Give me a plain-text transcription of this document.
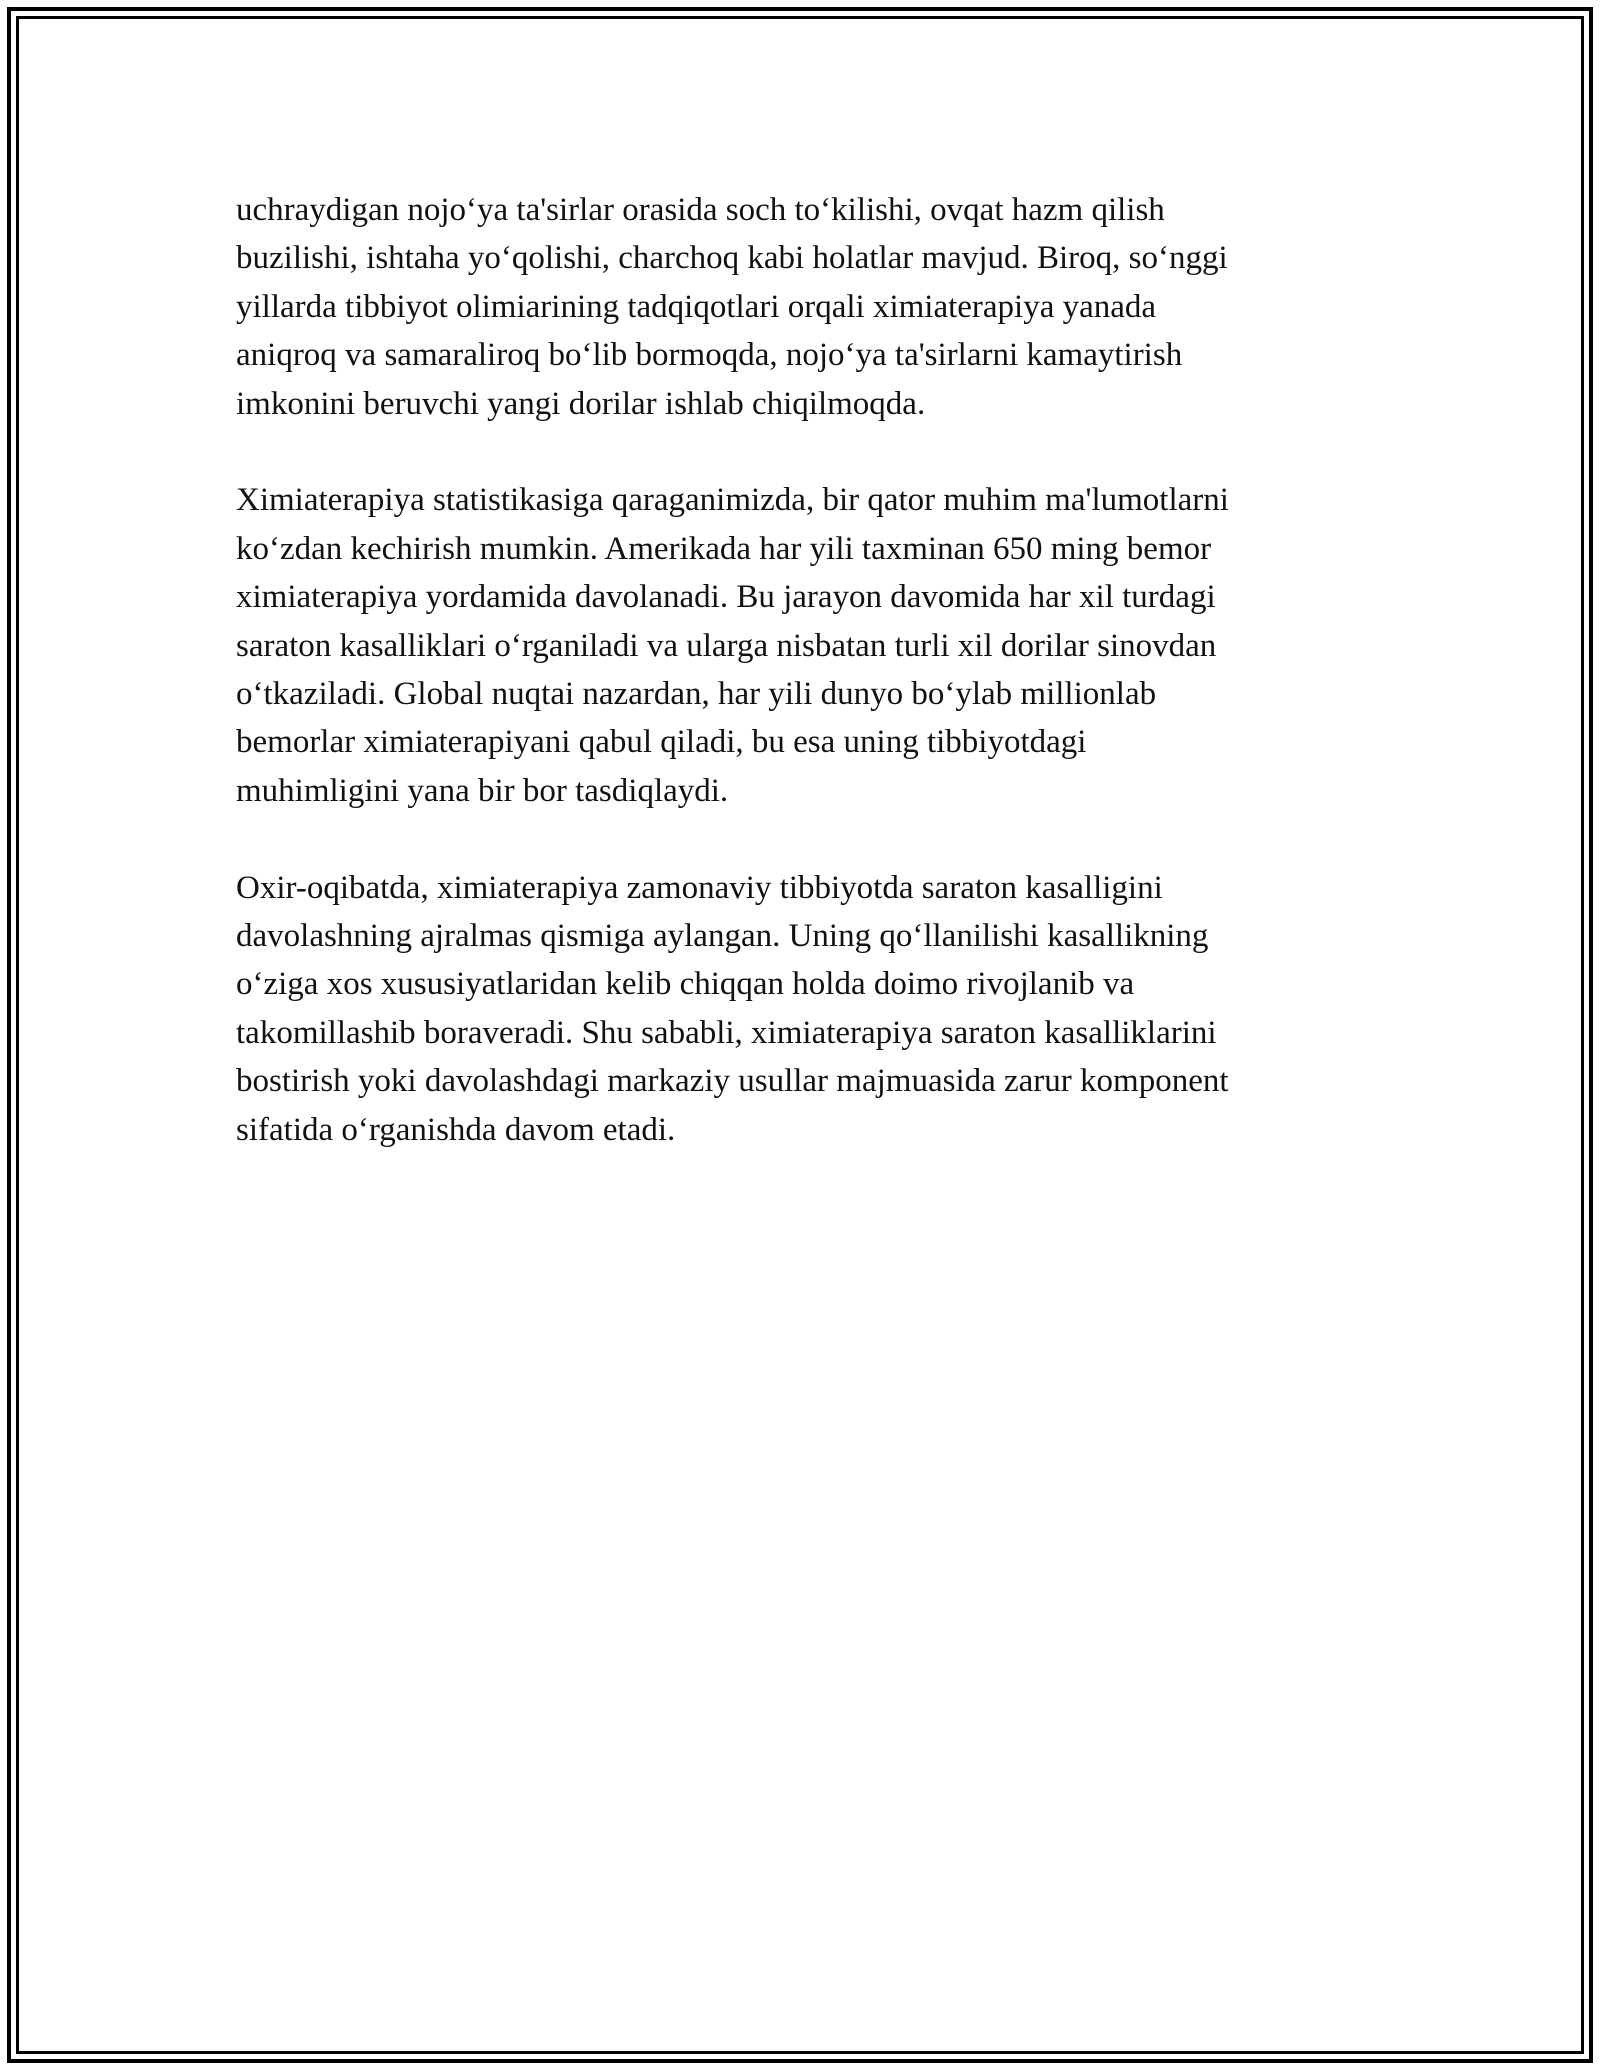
uchraydigan nojo‘ya ta'sirlar orasida soch to‘kilishi, ovqat hazm qilish
buzilishi, ishtaha yo‘qolishi, charchoq kabi holatlar mavjud. Biroq, so‘nggi
yillarda tibbiyot olimiarining tadqiqotlari orqali ximiaterapiya yanada
aniqroq va samaraliroq bo‘lib bormoqda, nojo‘ya ta'sirlarni kamaytirish
imkonini beruvchi yangi dorilar ishlab chiqilmoqda.

Ximiaterapiya statistikasiga qaraganimizda, bir qator muhim ma'lumotlarni
ko‘zdan kechirish mumkin. Amerikada har yili taxminan 650 ming bemor
ximiaterapiya yordamida davolanadi. Bu jarayon davomida har xil turdagi
saraton kasalliklari o‘rganiladi va ularga nisbatan turli xil dorilar sinovdan
o‘tkaziladi. Global nuqtai nazardan, har yili dunyo bo‘ylab millionlab
bemorlar ximiaterapiyani qabul qiladi, bu esa uning tibbiyotdagi
muhimligini yana bir bor tasdiqlaydi.

Oxir-oqibatda, ximiaterapiya zamonaviy tibbiyotda saraton kasalligini
davolashning ajralmas qismiga aylangan. Uning qo‘llanilishi kasallikning
o‘ziga xos xususiyatlaridan kelib chiqqan holda doimo rivojlanib va
takomillashib boraveradi. Shu sababli, ximiaterapiya saraton kasalliklarini
bostirish yoki davolashdagi markaziy usullar majmuasida zarur komponent
sifatida o‘rganishda davom etadi.
